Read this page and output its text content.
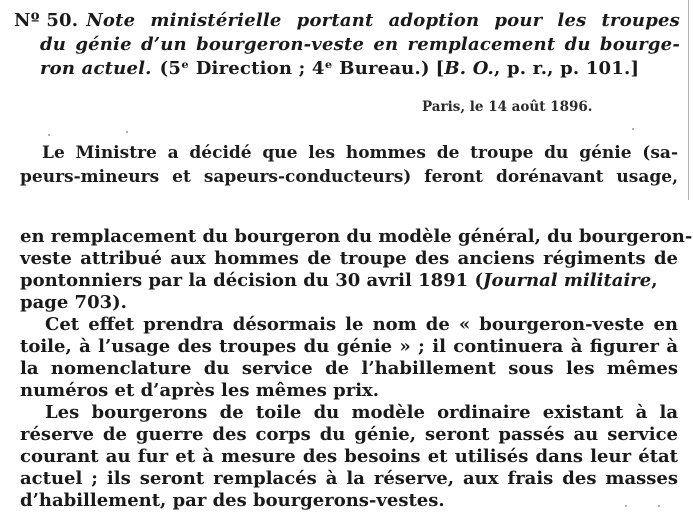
Nº 50. Note ministérielle portant adoption pour les troupes
du génie d’un bourgeron-veste en remplacement du bourge-
ron actuel. (5ᵉ Direction ; 4ᵉ Bureau.) [ B. O. , p. r., p. 101.]
Paris, le 14 août 1896.
Le Ministre a décidé que les hommes de troupe du génie (sa-
peurs-mineurs et sapeurs-conducteurs) feront dorénavant usage,
en remplacement du bourgeron du modèle général, du bourgeron-
veste attribué aux hommes de troupe des anciens régiments de
pontonniers par la décision du 30 avril 1891 ( Journal militaire ,
page 703).
Cet effet prendra désormais le nom de « bourgeron-veste en
toile, à l’usage des troupes du génie » ; il continuera à figurer à
la nomenclature du service de l’habillement sous les mêmes
numéros et d’après les mêmes prix.
Les bourgerons de toile du modèle ordinaire existant à la
réserve de guerre des corps du génie, seront passés au service
courant au fur et à mesure des besoins et utilisés dans leur état
actuel ; ils seront remplacés à la réserve, aux frais des masses
d’habillement, par des bourgerons-vestes.
